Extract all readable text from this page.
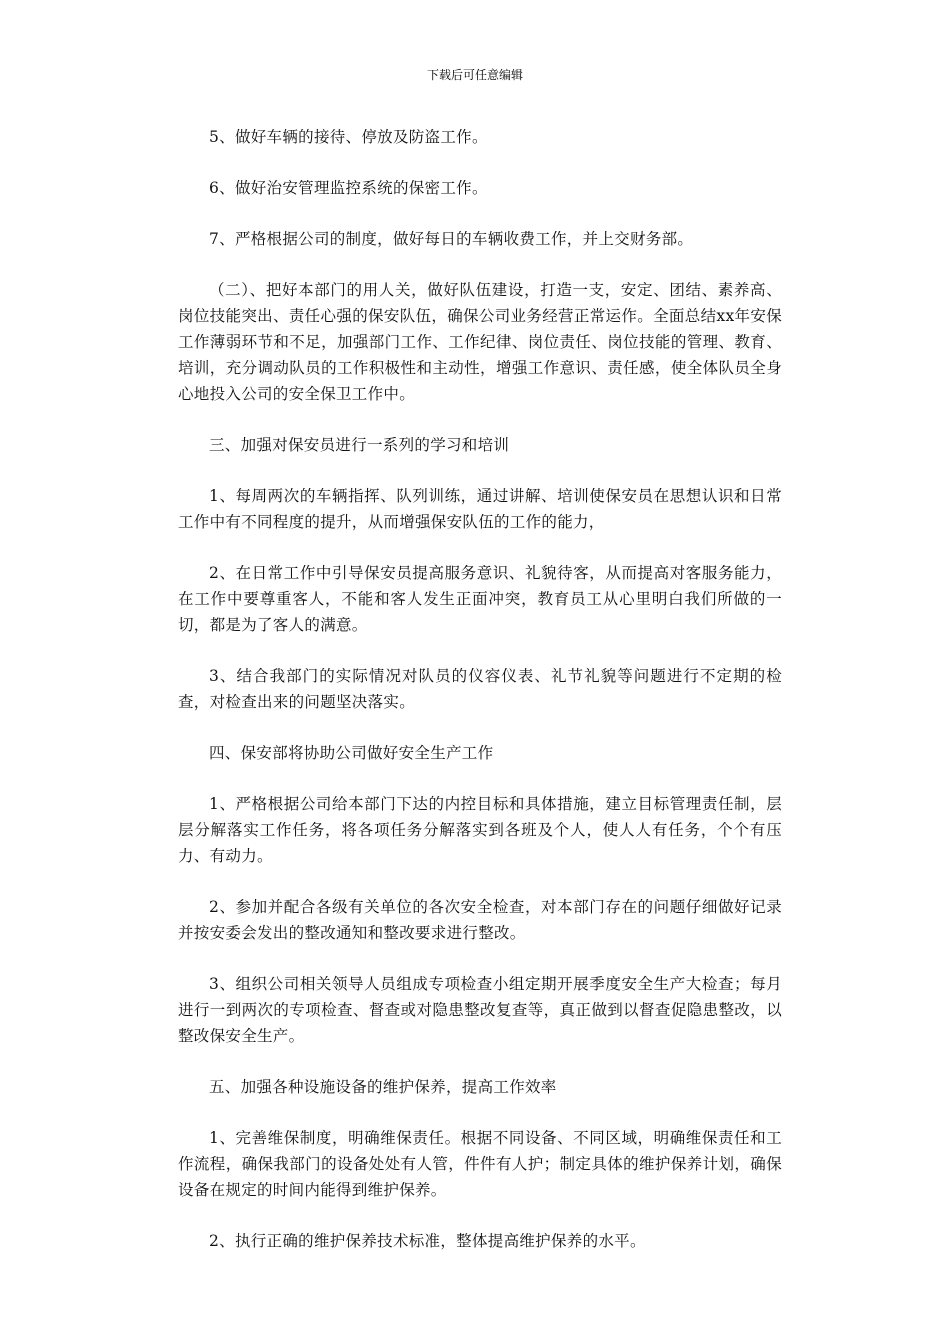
下载后可任意编辑

5、做好车辆的接待、停放及防盗工作。

6、做好治安管理监控系统的保密工作。

7、严格根据公司的制度，做好每日的车辆收费工作，并上交财务部。

（二）、把好本部门的用人关，做好队伍建设，打造一支，安定、团结、素养高、岗位技能突出、责任心强的保安队伍，确保公司业务经营正常运作。全面总结xx年安保工作薄弱环节和不足，加强部门工作、工作纪律、岗位责任、岗位技能的管理、教育、培训，充分调动队员的工作积极性和主动性，增强工作意识、责任感，使全体队员全身心地投入公司的安全保卫工作中。

三、加强对保安员进行一系列的学习和培训

1、每周两次的车辆指挥、队列训练，通过讲解、培训使保安员在思想认识和日常工作中有不同程度的提升，从而增强保安队伍的工作的能力，

2、在日常工作中引导保安员提高服务意识、礼貌待客，从而提高对客服务能力，在工作中要尊重客人，不能和客人发生正面冲突，教育员工从心里明白我们所做的一切，都是为了客人的满意。

3、结合我部门的实际情况对队员的仪容仪表、礼节礼貌等问题进行不定期的检查，对检查出来的问题坚决落实。

四、保安部将协助公司做好安全生产工作

1、严格根据公司给本部门下达的内控目标和具体措施，建立目标管理责任制，层层分解落实工作任务，将各项任务分解落实到各班及个人，使人人有任务，个个有压力、有动力。

2、参加并配合各级有关单位的各次安全检查，对本部门存在的问题仔细做好记录并按安委会发出的整改通知和整改要求进行整改。

3、组织公司相关领导人员组成专项检查小组定期开展季度安全生产大检查；每月进行一到两次的专项检查、督查或对隐患整改复查等，真正做到以督查促隐患整改，以整改保安全生产。

五、加强各种设施设备的维护保养，提高工作效率

1、完善维保制度，明确维保责任。根据不同设备、不同区域，明确维保责任和工作流程，确保我部门的设备处处有人管，件件有人护；制定具体的维护保养计划，确保设备在规定的时间内能得到维护保养。

2、执行正确的维护保养技术标准，整体提高维护保养的水平。
